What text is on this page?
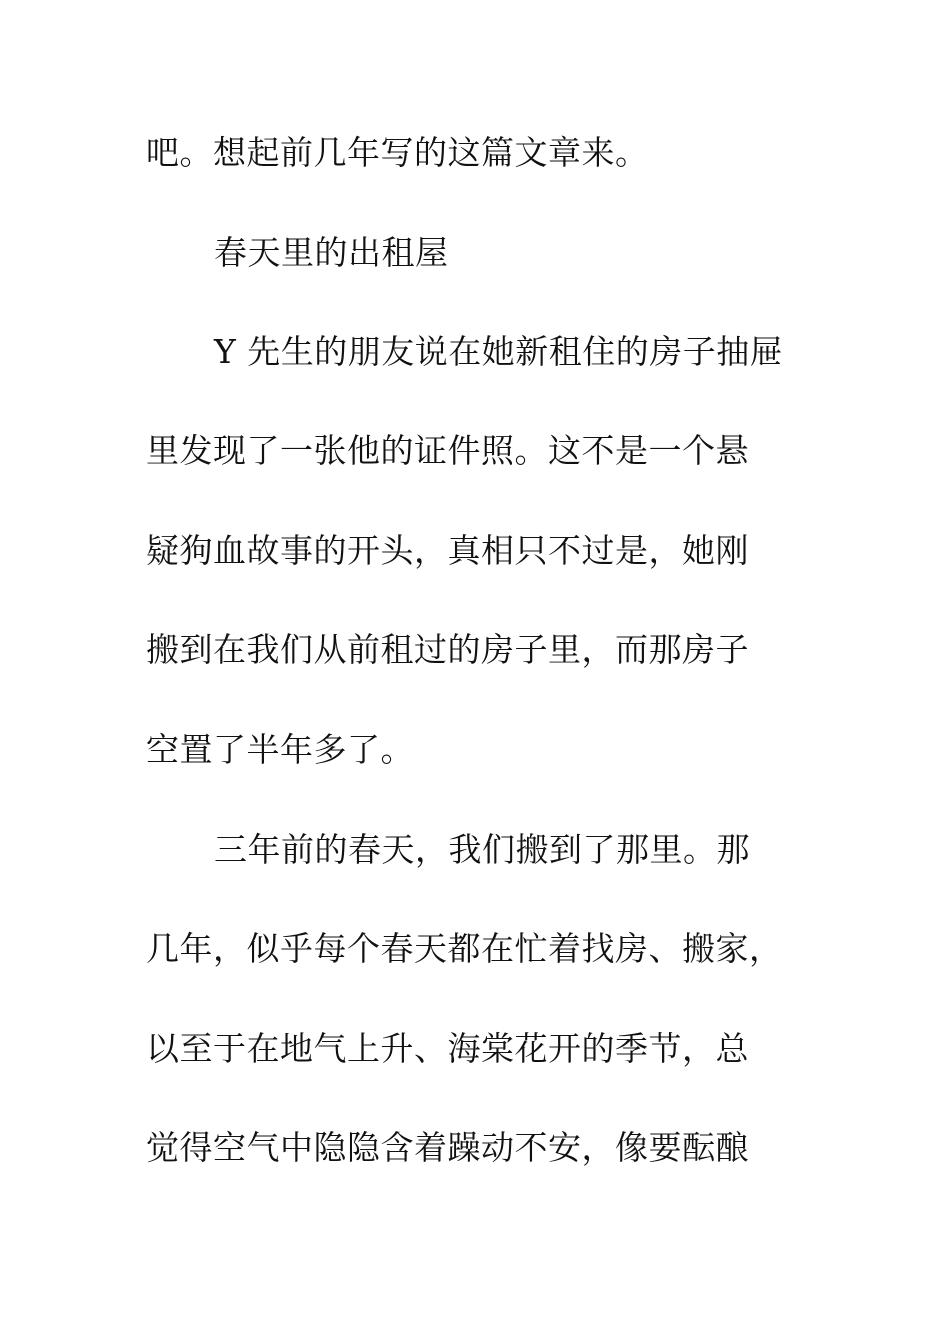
吧。想起前几年写的这篇文章来。
春天里的出租屋
Y 先生的朋友说在她新租住的房子抽屉
里发现了一张他的证件照。这不是一个悬
疑狗血故事的开头，真相只不过是，她刚
搬到在我们从前租过的房子里，而那房子
空置了半年多了。
三年前的春天，我们搬到了那里。那
几年，似乎每个春天都在忙着找房、搬家，
以至于在地气上升、海棠花开的季节，总
觉得空气中隐隐含着躁动不安，像要酝酿
